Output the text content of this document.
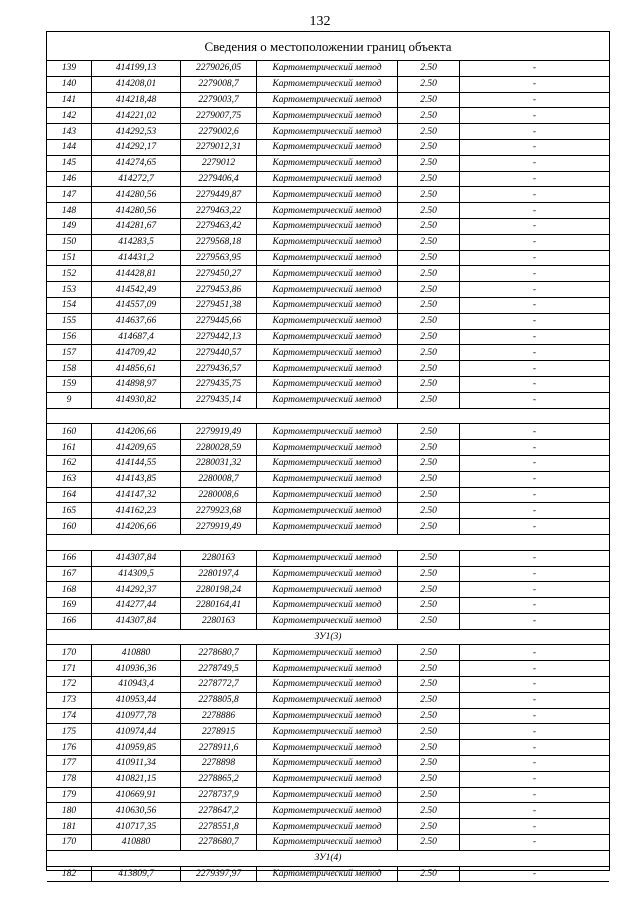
132
Сведения о местоположении границ объекта
139	414199,13	2279026,05	Картометрический метод	2.50	-
140	414208,01	2279008,7	Картометрический метод	2.50	-
141	414218,48	2279003,7	Картометрический метод	2.50	-
142	414221,02	2279007,75	Картометрический метод	2.50	-
143	414292,53	2279002,6	Картометрический метод	2.50	-
144	414292,17	2279012,31	Картометрический метод	2.50	-
145	414274,65	2279012	Картометрический метод	2.50	-
146	414272,7	2279406,4	Картометрический метод	2.50	-
147	414280,56	2279449,87	Картометрический метод	2.50	-
148	414280,56	2279463,22	Картометрический метод	2.50	-
149	414281,67	2279463,42	Картометрический метод	2.50	-
150	414283,5	2279568,18	Картометрический метод	2.50	-
151	414431,2	2279563,95	Картометрический метод	2.50	-
152	414428,81	2279450,27	Картометрический метод	2.50	-
153	414542,49	2279453,86	Картометрический метод	2.50	-
154	414557,09	2279451,38	Картометрический метод	2.50	-
155	414637,66	2279445,66	Картометрический метод	2.50	-
156	414687,4	2279442,13	Картометрический метод	2.50	-
157	414709,42	2279440,57	Картометрический метод	2.50	-
158	414856,61	2279436,57	Картометрический метод	2.50	-
159	414898,97	2279435,75	Картометрический метод	2.50	-
9	414930,82	2279435,14	Картометрический метод	2.50	-

160	414206,66	2279919,49	Картометрический метод	2.50	-
161	414209,65	2280028,59	Картометрический метод	2.50	-
162	414144,55	2280031,32	Картометрический метод	2.50	-
163	414143,85	2280008,7	Картометрический метод	2.50	-
164	414147,32	2280008,6	Картометрический метод	2.50	-
165	414162,23	2279923,68	Картометрический метод	2.50	-
160	414206,66	2279919,49	Картометрический метод	2.50	-

166	414307,84	2280163	Картометрический метод	2.50	-
167	414309,5	2280197,4	Картометрический метод	2.50	-
168	414292,37	2280198,24	Картометрический метод	2.50	-
169	414277,44	2280164,41	Картометрический метод	2.50	-
166	414307,84	2280163	Картометрический метод	2.50	-
ЗУ1(3)					
170	410880	2278680,7	Картометрический метод	2.50	-
171	410936,36	2278749,5	Картометрический метод	2.50	-
172	410943,4	2278772,7	Картометрический метод	2.50	-
173	410953,44	2278805,8	Картометрический метод	2.50	-
174	410977,78	2278886	Картометрический метод	2.50	-
175	410974,44	2278915	Картометрический метод	2.50	-
176	410959,85	2278911,6	Картометрический метод	2.50	-
177	410911,34	2278898	Картометрический метод	2.50	-
178	410821,15	2278865,2	Картометрический метод	2.50	-
179	410669,91	2278737,9	Картометрический метод	2.50	-
180	410630,56	2278647,2	Картометрический метод	2.50	-
181	410717,35	2278551,8	Картометрический метод	2.50	-
170	410880	2278680,7	Картометрический метод	2.50	-
ЗУ1(4)					
182	413809,7	2279397,97	Картометрический метод	2.50	-
